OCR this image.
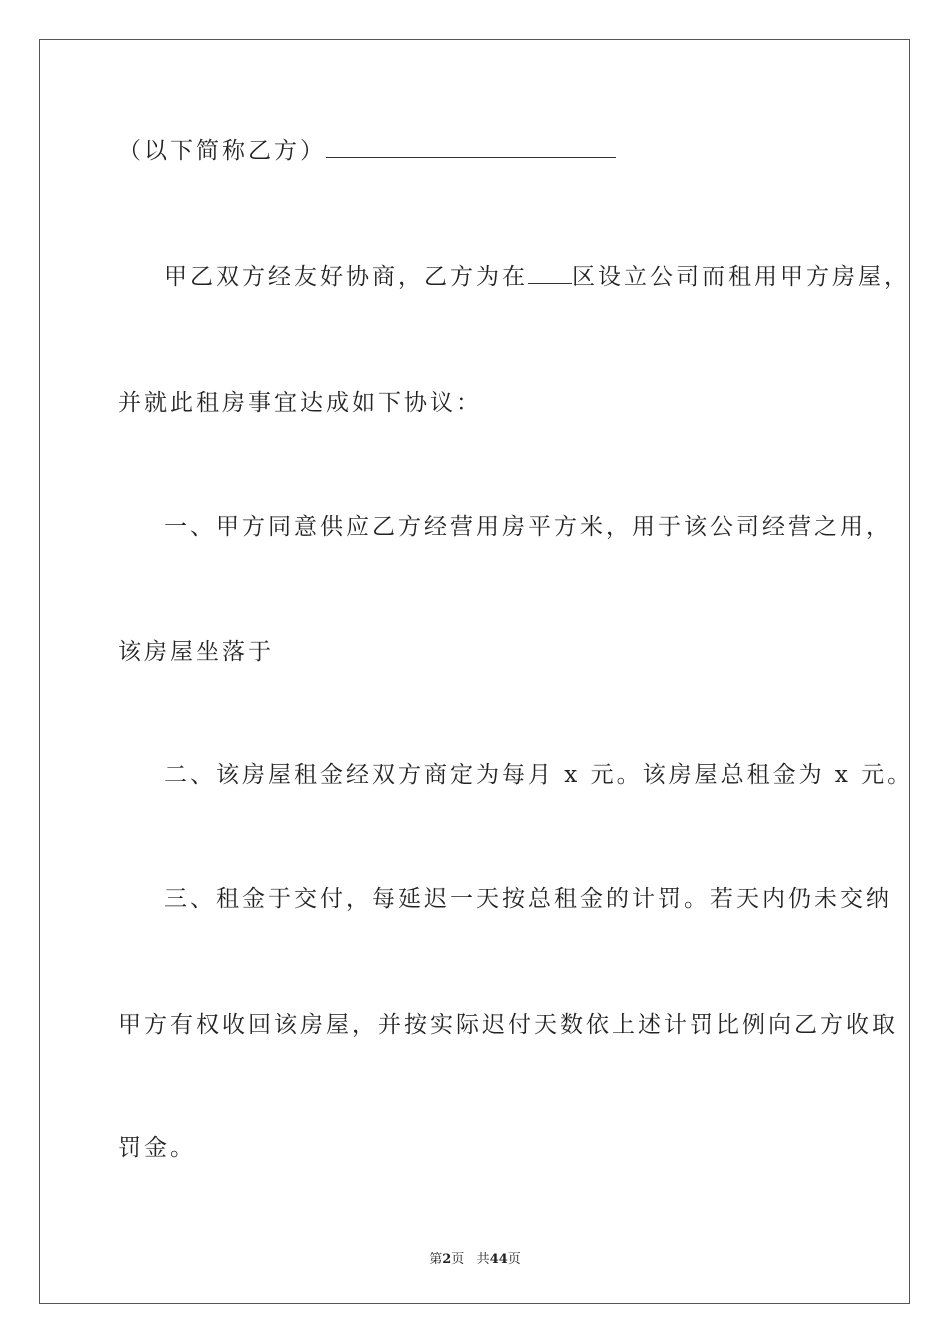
（以下简称乙方）
甲乙双方经友好协商，乙方为在 区设立公司而租用甲方房屋，
并就此租房事宜达成如下协议：
一、甲方同意供应乙方经营用房平方米，用于该公司经营之用，
该房屋坐落于
二、该房屋租金经双方商定为每月 x 元。该房屋总租金为 x 元。
三、租金于交付，每延迟一天按总租金的计罚。若天内仍未交纳
甲方有权收回该房屋，并按实际迟付天数依上述计罚比例向乙方收取
罚金。
第2页 共44页
